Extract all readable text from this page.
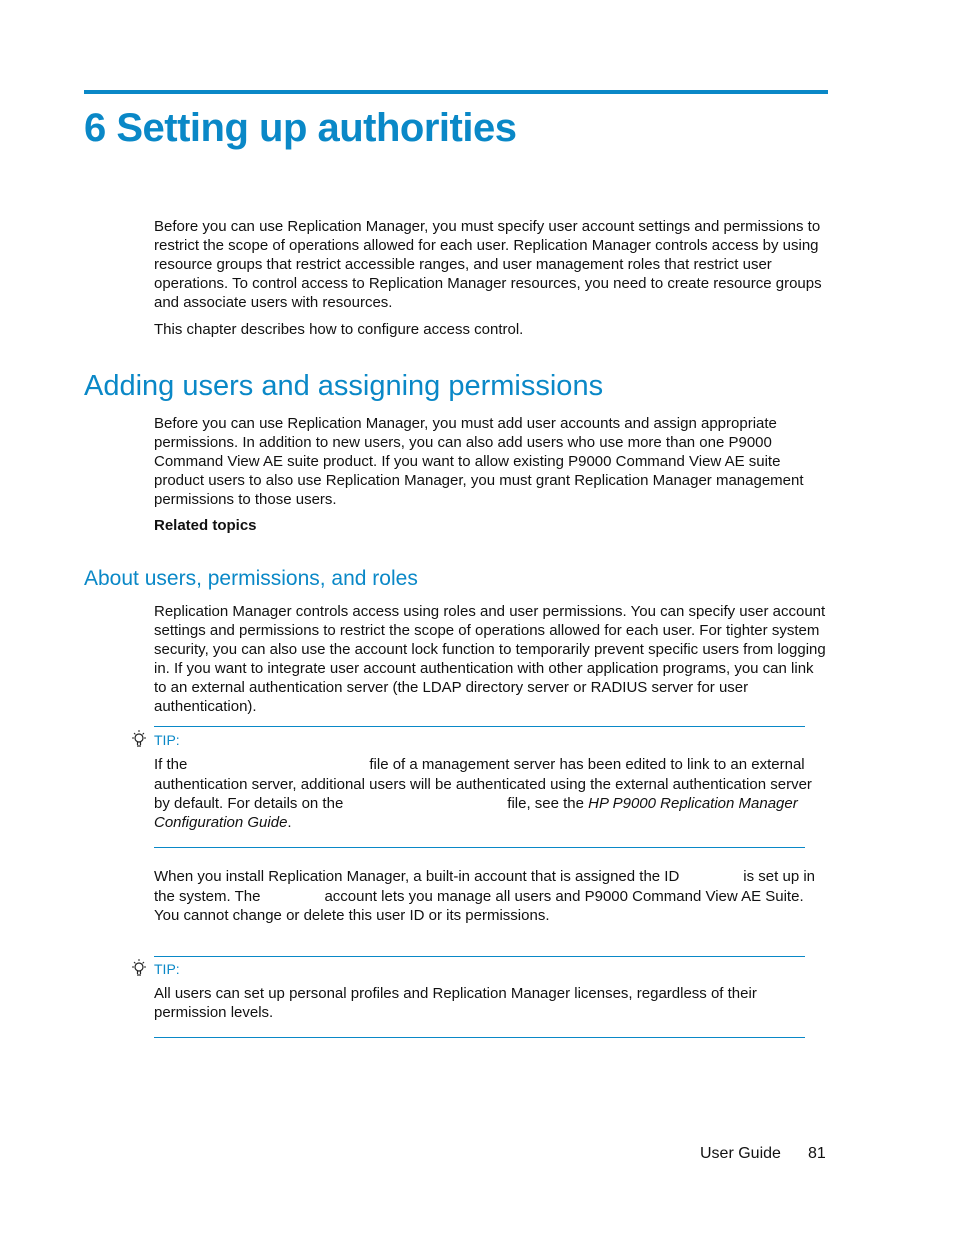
6 Setting up authorities

Before you can use Replication Manager, you must specify user account settings and permissions to restrict the scope of operations allowed for each user. Replication Manager controls access by using resource groups that restrict accessible ranges, and user management roles that restrict user operations. To control access to Replication Manager resources, you need to create resource groups and associate users with resources.

This chapter describes how to configure access control.

Adding users and assigning permissions

Before you can use Replication Manager, you must add user accounts and assign appropriate permissions. In addition to new users, you can also add users who use more than one P9000 Command View AE suite product. If you want to allow existing P9000 Command View AE suite product users to also use Replication Manager, you must grant Replication Manager management permissions to those users.

Related topics

About users, permissions, and roles

Replication Manager controls access using roles and user permissions. You can specify user account settings and permissions to restrict the scope of operations allowed for each user. For tighter system security, you can also use the account lock function to temporarily prevent specific users from logging in. If you want to integrate user account authentication with other application programs, you can link to an external authentication server (the LDAP directory server or RADIUS server for user authentication).

TIP:
If the	file of a management server has been edited to link to an external
authentication server, additional users will be authenticated using the external authentication server
by default. For details on the	file, see the HP P9000 Replication Manager
Configuration Guide.
When you install Replication Manager, a built-in account that is assigned the ID	is set up in
the system. The	account lets you manage all users and P9000 Command View AE Suite.
You cannot change or delete this user ID or its permissions.
TIP:

All users can set up personal profiles and Replication Manager licenses, regardless of their permission levels.

User Guide 81
